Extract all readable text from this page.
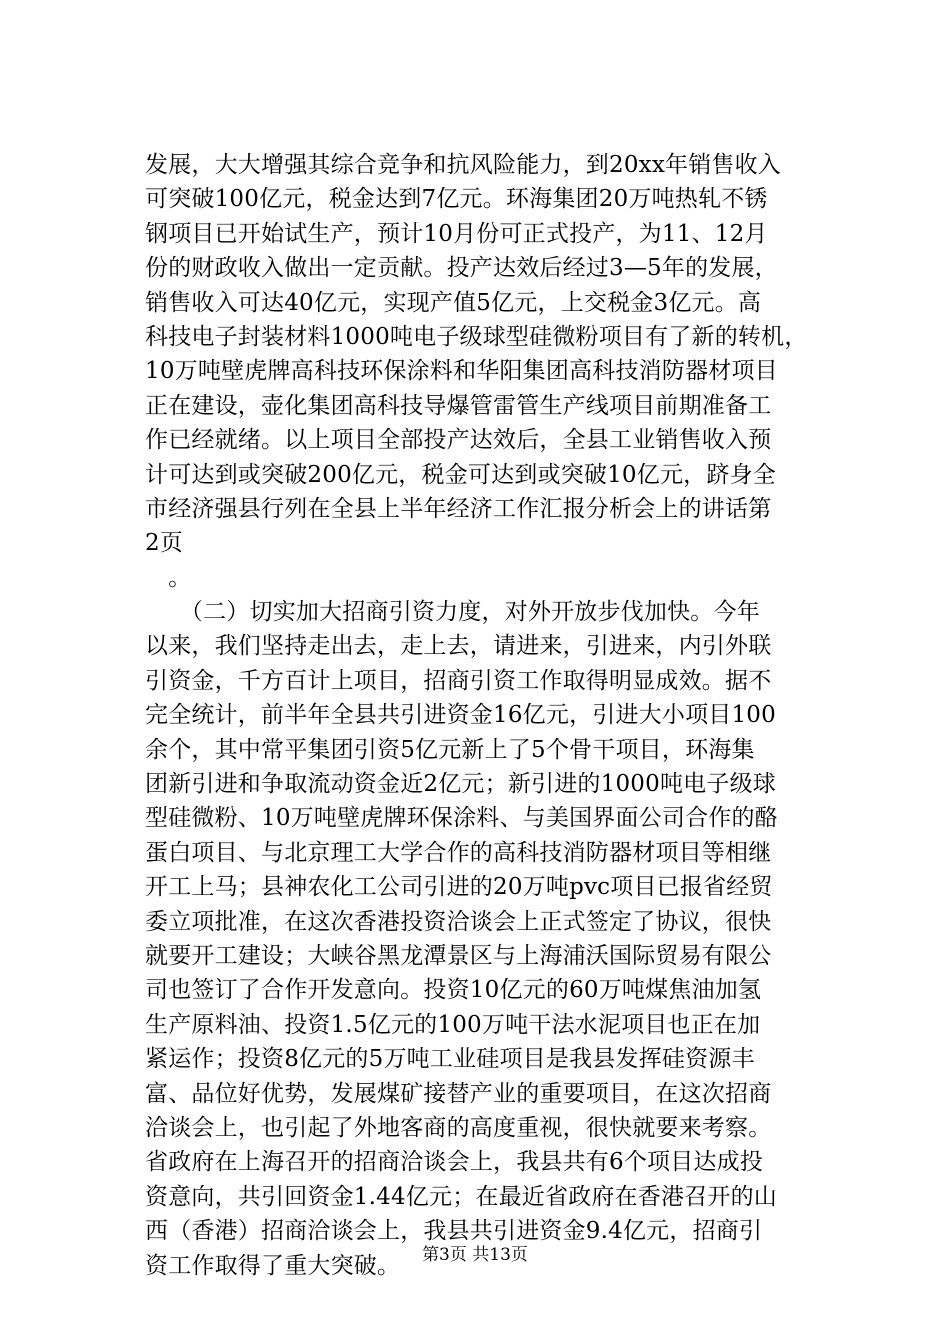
发展，大大增强其综合竞争和抗风险能力，到20xx年销售收入
可突破100亿元，税金达到7亿元。环海集团20万吨热轧不锈
钢项目已开始试生产，预计10月份可正式投产，为11、12月
份的财政收入做出一定贡献。投产达效后经过3—5年的发展，
销售收入可达40亿元，实现产值5亿元，上交税金3亿元。高
科技电子封装材料1000吨电子级球型硅微粉项目有了新的转机，
10万吨壁虎牌高科技环保涂料和华阳集团高科技消防器材项目
正在建设，壶化集团高科技导爆管雷管生产线项目前期准备工
作已经就绪。以上项目全部投产达效后，全县工业销售收入预
计可达到或突破200亿元，税金可达到或突破10亿元，跻身全
市经济强县行列在全县上半年经济工作汇报分析会上的讲话第
2页
　。
　　（二）切实加大招商引资力度，对外开放步伐加快。今年
以来，我们坚持走出去，走上去，请进来，引进来，内引外联
引资金，千方百计上项目，招商引资工作取得明显成效。据不
完全统计，前半年全县共引进资金16亿元，引进大小项目100
余个，其中常平集团引资5亿元新上了5个骨干项目，环海集
团新引进和争取流动资金近2亿元；新引进的1000吨电子级球
型硅微粉、10万吨壁虎牌环保涂料、与美国界面公司合作的酪
蛋白项目、与北京理工大学合作的高科技消防器材项目等相继
开工上马；县神农化工公司引进的20万吨pvc项目已报省经贸
委立项批准，在这次香港投资洽谈会上正式签定了协议，很快
就要开工建设；大峡谷黑龙潭景区与上海浦沃国际贸易有限公
司也签订了合作开发意向。投资10亿元的60万吨煤焦油加氢
生产原料油、投资1.5亿元的100万吨干法水泥项目也正在加
紧运作；投资8亿元的5万吨工业硅项目是我县发挥硅资源丰
富、品位好优势，发展煤矿接替产业的重要项目，在这次招商
洽谈会上，也引起了外地客商的高度重视，很快就要来考察。
省政府在上海召开的招商洽谈会上，我县共有6个项目达成投
资意向，共引回资金1.44亿元；在最近省政府在香港召开的山
西（香港）招商洽谈会上，我县共引进资金9.4亿元，招商引
资工作取得了重大突破。	第3页 共13页
